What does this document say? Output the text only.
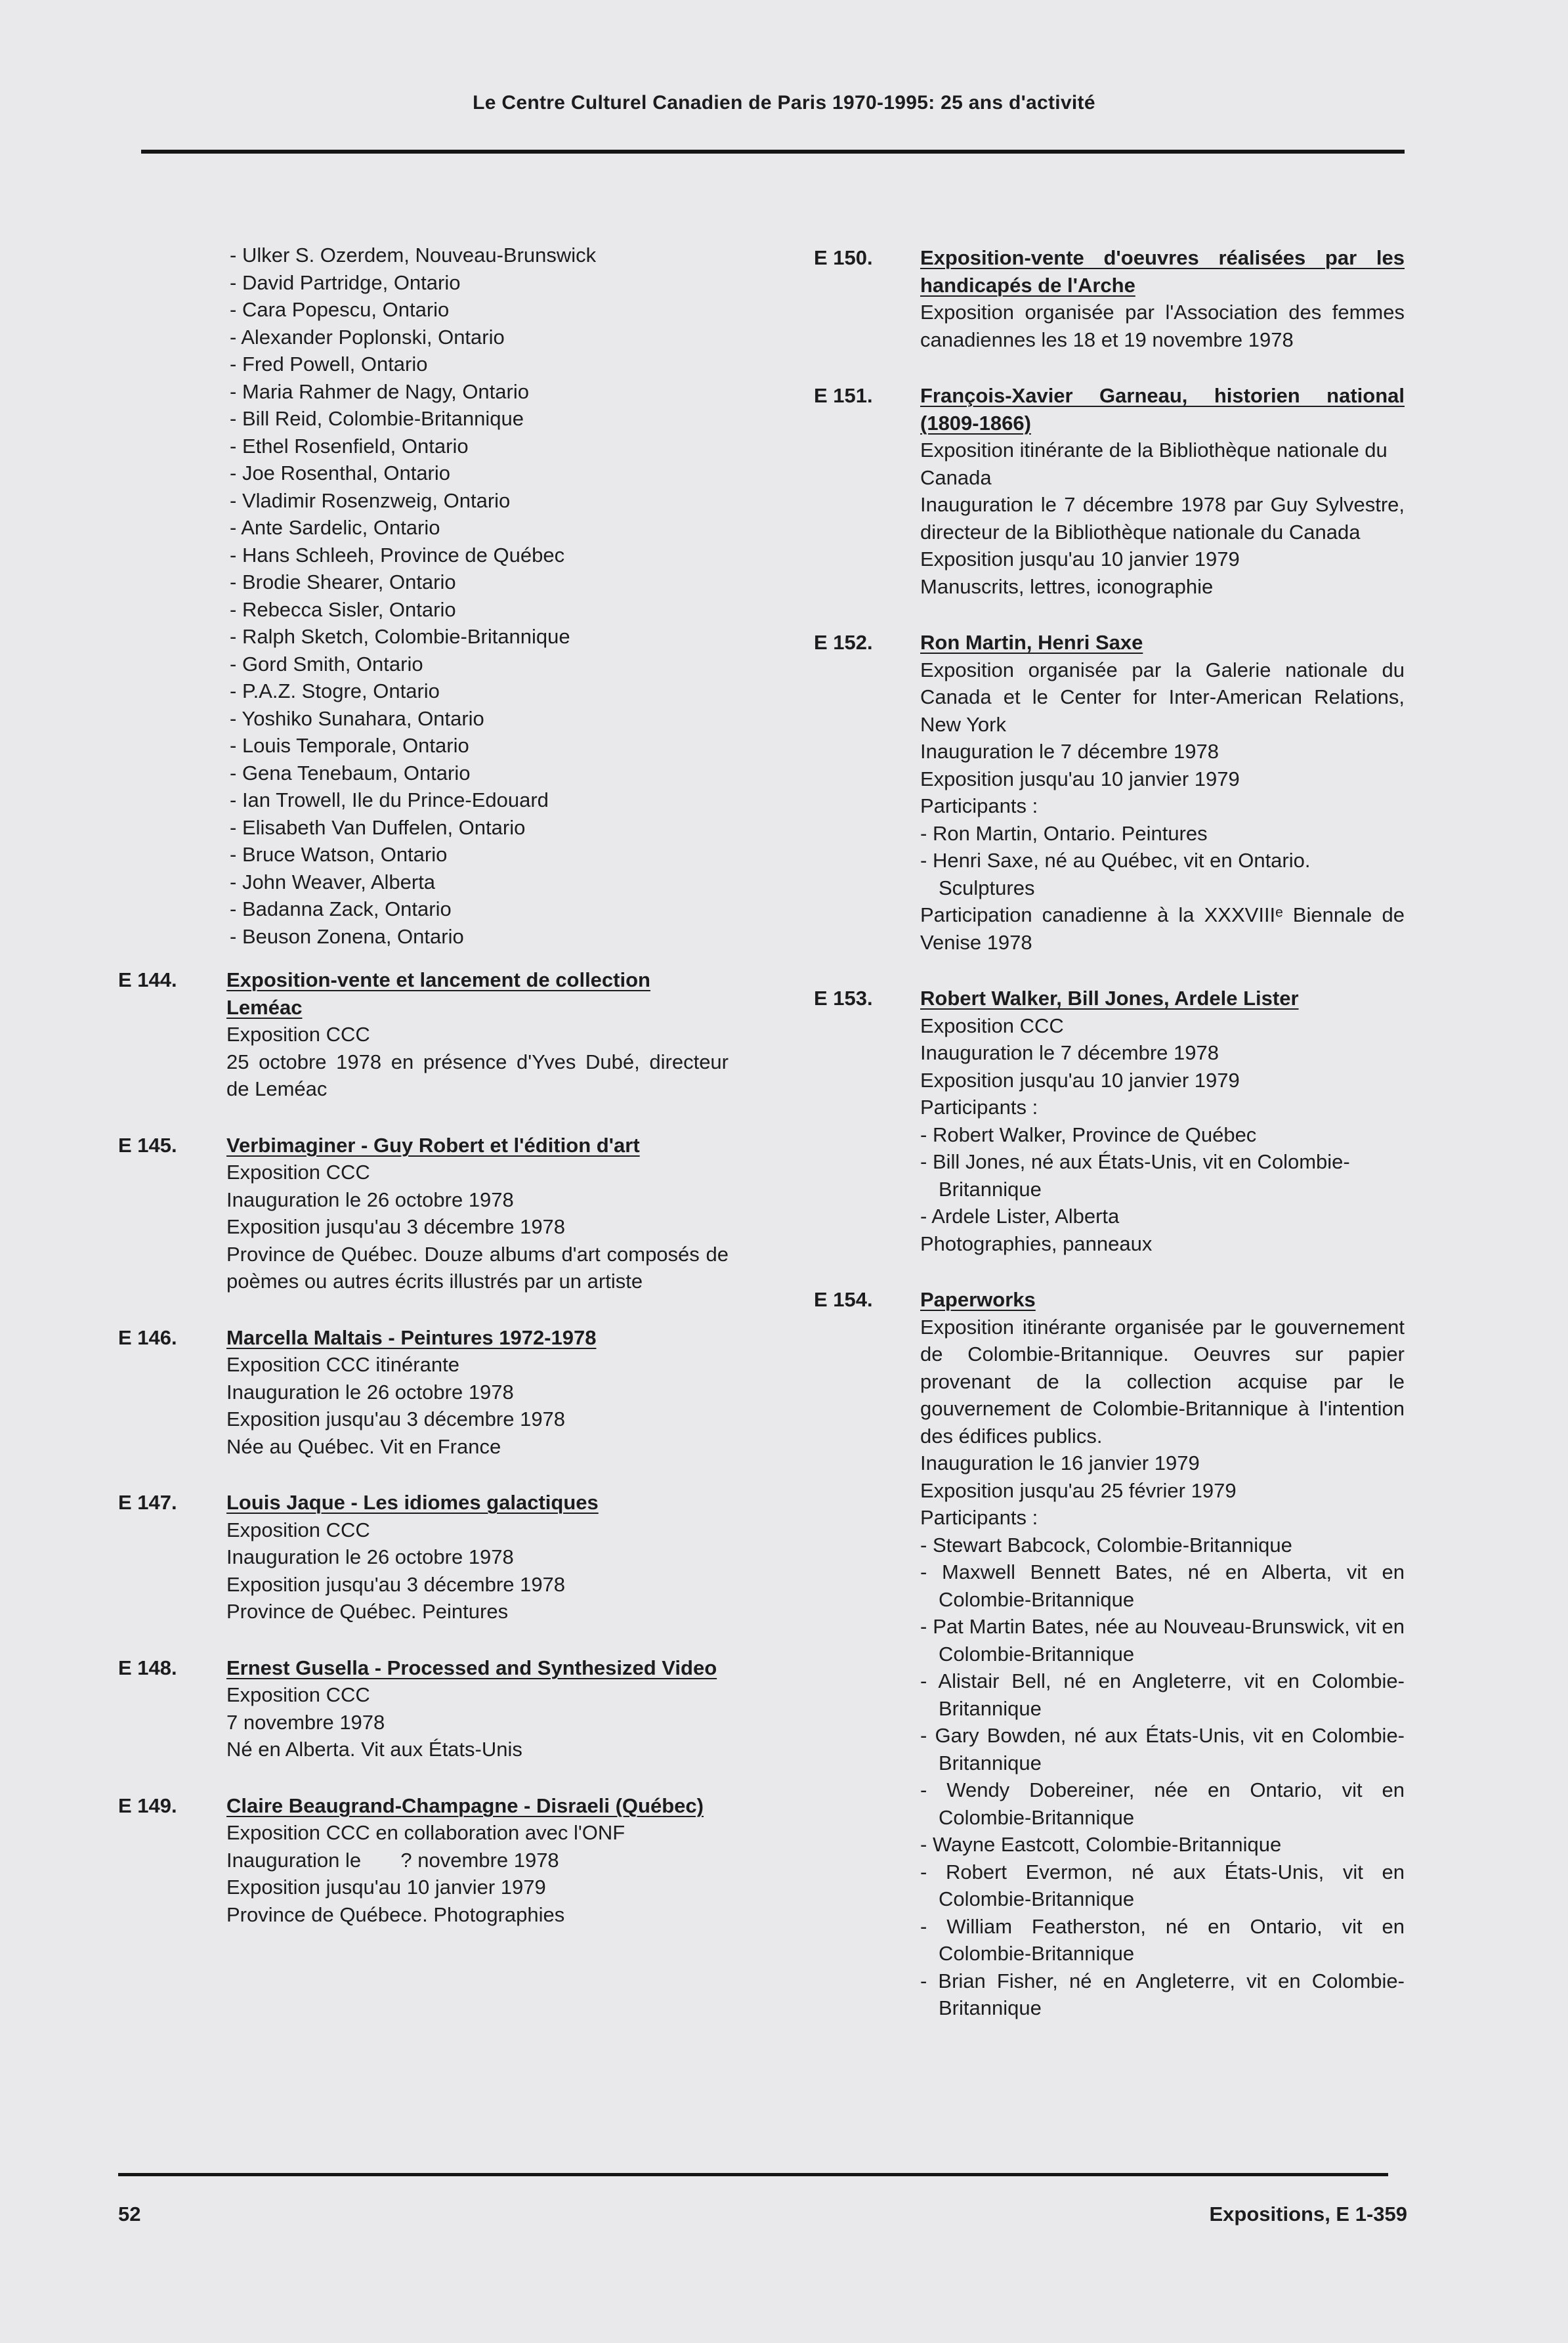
Le Centre Culturel Canadien de Paris 1970-1995: 25 ans d'activité
- Ulker S. Ozerdem, Nouveau-Brunswick
- David Partridge, Ontario
- Cara Popescu, Ontario
- Alexander Poplonski, Ontario
- Fred Powell, Ontario
- Maria Rahmer de Nagy, Ontario
- Bill Reid, Colombie-Britannique
- Ethel Rosenfield, Ontario
- Joe Rosenthal, Ontario
- Vladimir Rosenzweig, Ontario
- Ante Sardelic, Ontario
- Hans Schleeh, Province de Québec
- Brodie Shearer, Ontario
- Rebecca Sisler, Ontario
- Ralph Sketch, Colombie-Britannique
- Gord Smith, Ontario
- P.A.Z. Stogre, Ontario
- Yoshiko Sunahara, Ontario
- Louis Temporale, Ontario
- Gena Tenebaum, Ontario
- Ian Trowell, Ile du Prince-Edouard
- Elisabeth Van Duffelen, Ontario
- Bruce Watson, Ontario
- John Weaver, Alberta
- Badanna Zack, Ontario
- Beuson Zonena, Ontario
E 144.	Exposition-vente et lancement de collection Leméac
Exposition CCC
25 octobre 1978 en présence d'Yves Dubé, directeur de Leméac
E 145.	Verbimaginer - Guy Robert et l'édition d'art
Exposition CCC
Inauguration le 26 octobre 1978
Exposition jusqu'au 3 décembre 1978
Province de Québec. Douze albums d'art composés de poèmes ou autres écrits illustrés par un artiste
E 146.	Marcella Maltais - Peintures 1972-1978
Exposition CCC itinérante
Inauguration le 26 octobre 1978
Exposition jusqu'au 3 décembre 1978
Née au Québec. Vit en France
E 147.	Louis Jaque - Les idiomes galactiques
Exposition CCC
Inauguration le 26 octobre 1978
Exposition jusqu'au 3 décembre 1978
Province de Québec. Peintures
E 148.	Ernest Gusella - Processed and Synthesized Video
Exposition CCC
7 novembre 1978
Né en Alberta. Vit aux États-Unis
E 149.	Claire Beaugrand-Champagne - Disraeli (Québec)
Exposition CCC en collaboration avec l'ONF
Inauguration le       ? novembre 1978
Exposition jusqu'au 10 janvier 1979
Province de Québece. Photographies
E 150.	Exposition-vente d'oeuvres réalisées par les handicapés de l'Arche
Exposition organisée par l'Association des femmes canadiennes les 18 et 19 novembre 1978
E 151.	François-Xavier Garneau, historien national (1809-1866)
Exposition itinérante de la Bibliothèque nationale du Canada
Inauguration le 7 décembre 1978 par Guy Sylvestre, directeur de la Bibliothèque nationale du Canada
Exposition jusqu'au 10 janvier 1979
Manuscrits, lettres, iconographie
E 152.	Ron Martin, Henri Saxe
Exposition organisée par la Galerie nationale du Canada et le Center for Inter-American Relations, New York
Inauguration le 7 décembre 1978
Exposition jusqu'au 10 janvier 1979
Participants :
- Ron Martin, Ontario. Peintures
- Henri Saxe, né au Québec, vit en Ontario. Sculptures
Participation canadienne à la XXXVIIIᵉ Biennale de Venise 1978
E 153.	Robert Walker, Bill Jones, Ardele Lister
Exposition CCC
Inauguration le 7 décembre 1978
Exposition jusqu'au 10 janvier 1979
Participants :
- Robert Walker, Province de Québec
- Bill Jones, né aux États-Unis, vit en Colombie-Britannique
- Ardele Lister, Alberta
Photographies, panneaux
E 154.	Paperworks
Exposition itinérante organisée par le gouvernement de Colombie-Britannique. Oeuvres sur papier provenant de la collection acquise par le gouvernement de Colombie-Britannique à l'intention des édifices publics.
Inauguration le 16 janvier 1979
Exposition jusqu'au 25 février 1979
Participants :
- Stewart Babcock, Colombie-Britannique
- Maxwell Bennett Bates, né en Alberta, vit en Colombie-Britannique
- Pat Martin Bates, née au Nouveau-Brunswick, vit en Colombie-Britannique
- Alistair Bell, né en Angleterre, vit en Colombie-Britannique
- Gary Bowden, né aux États-Unis, vit en Colombie-Britannique
- Wendy Dobereiner, née en Ontario, vit en Colombie-Britannique
- Wayne Eastcott, Colombie-Britannique
- Robert Evermon, né aux États-Unis, vit en Colombie-Britannique
- William Featherston, né en Ontario, vit en Colombie-Britannique
- Brian Fisher, né en Angleterre, vit en Colombie-Britannique
52	Expositions, E 1-359
